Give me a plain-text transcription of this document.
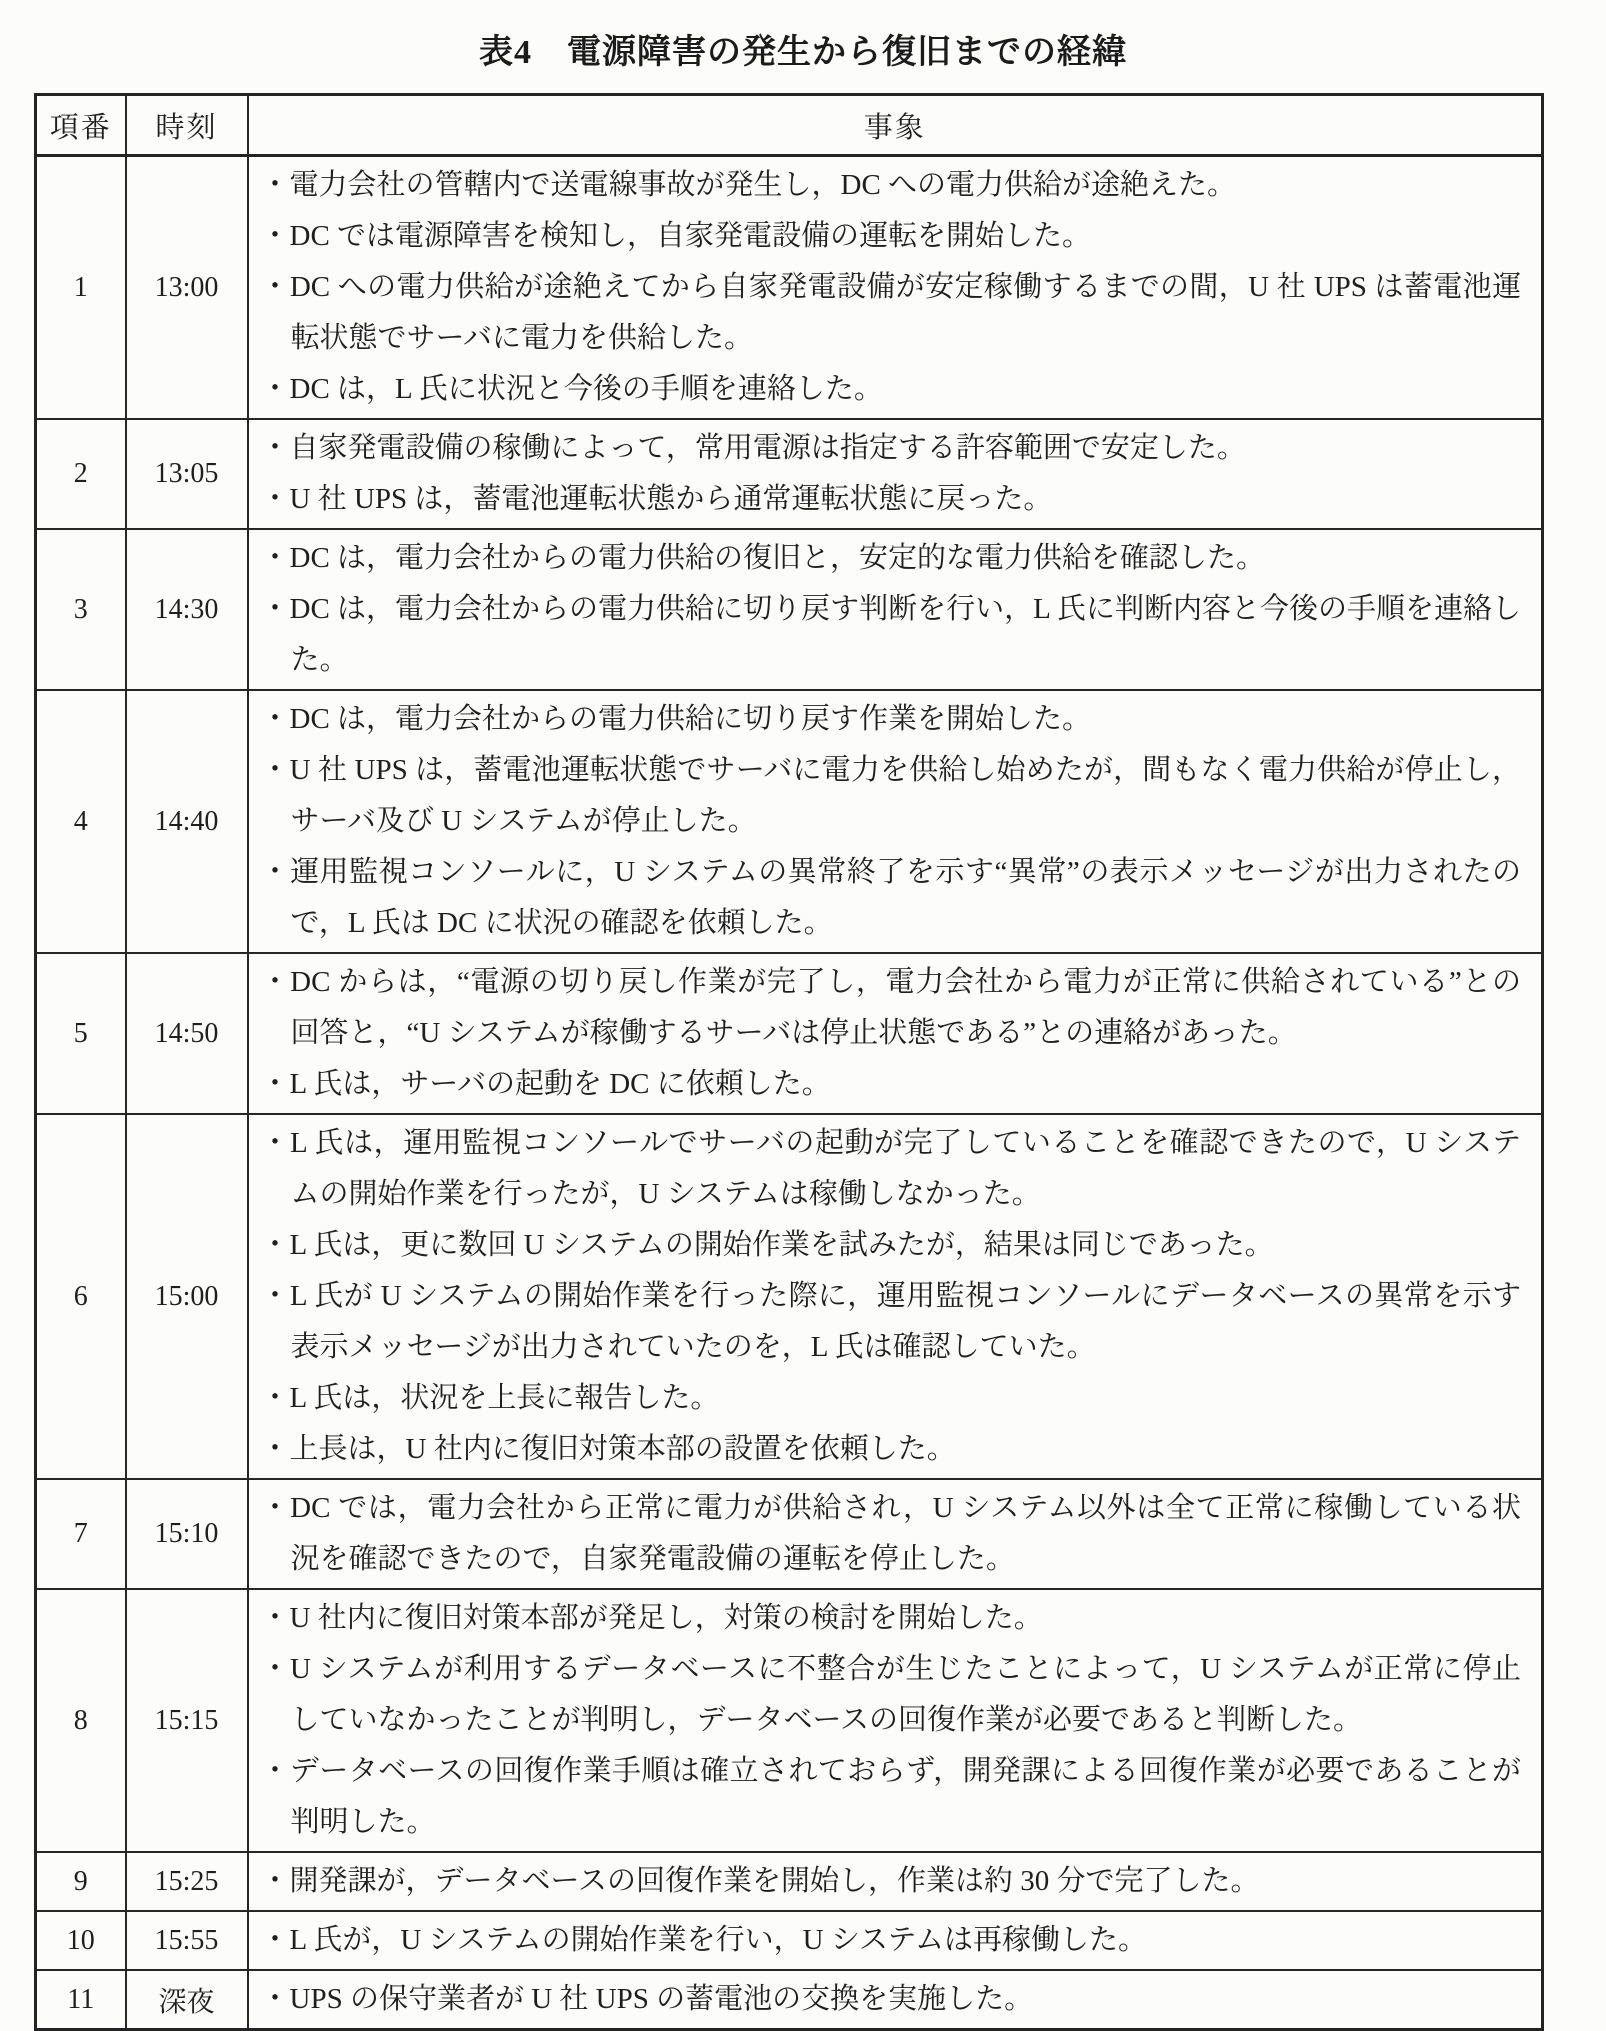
表4　電源障害の発生から復旧までの経緯
項番	時刻	事象
1	13:00	・電力会社の管轄内で送電線事故が発生し，DC への電力供給が途絶えた。
・DC では電源障害を検知し，自家発電設備の運転を開始した。
・DC への電力供給が途絶えてから自家発電設備が安定稼働するまでの間，U 社 UPS は蓄電池運転状態でサーバに電力を供給した。
・DC は，L 氏に状況と今後の手順を連絡した。

2	13:05	・自家発電設備の稼働によって，常用電源は指定する許容範囲で安定した。
・U 社 UPS は，蓄電池運転状態から通常運転状態に戻った。

3	14:30	・DC は，電力会社からの電力供給の復旧と，安定的な電力供給を確認した。
・DC は，電力会社からの電力供給に切り戻す判断を行い，L 氏に判断内容と今後の手順を連絡した。

4	14:40	・DC は，電力会社からの電力供給に切り戻す作業を開始した。
・U 社 UPS は，蓄電池運転状態でサーバに電力を供給し始めたが，間もなく電力供給が停止し，サーバ及び U システムが停止した。
・運用監視コンソールに，U システムの異常終了を示す“異常”の表示メッセージが出力されたので，L 氏は DC に状況の確認を依頼した。

5	14:50	・DC からは，“電源の切り戻し作業が完了し，電力会社から電力が正常に供給されている”との回答と，“U システムが稼働するサーバは停止状態である”との連絡があった。
・L 氏は，サーバの起動を DC に依頼した。

6	15:00	・L 氏は，運用監視コンソールでサーバの起動が完了していることを確認できたので，U システムの開始作業を行ったが，U システムは稼働しなかった。
・L 氏は，更に数回 U システムの開始作業を試みたが，結果は同じであった。
・L 氏が U システムの開始作業を行った際に，運用監視コンソールにデータベースの異常を示す表示メッセージが出力されていたのを，L 氏は確認していた。
・L 氏は，状況を上長に報告した。
・上長は，U 社内に復旧対策本部の設置を依頼した。

7	15:10	・DC では，電力会社から正常に電力が供給され，U システム以外は全て正常に稼働している状況を確認できたので，自家発電設備の運転を停止した。

8	15:15	・U 社内に復旧対策本部が発足し，対策の検討を開始した。
・U システムが利用するデータベースに不整合が生じたことによって，U システムが正常に停止していなかったことが判明し，データベースの回復作業が必要であると判断した。
・データベースの回復作業手順は確立されておらず，開発課による回復作業が必要であることが判明した。

9	15:25	・開発課が，データベースの回復作業を開始し，作業は約 30 分で完了した。

10	15:55	・L 氏が，U システムの開始作業を行い，U システムは再稼働した。

11	深夜	・UPS の保守業者が U 社 UPS の蓄電池の交換を実施した。
